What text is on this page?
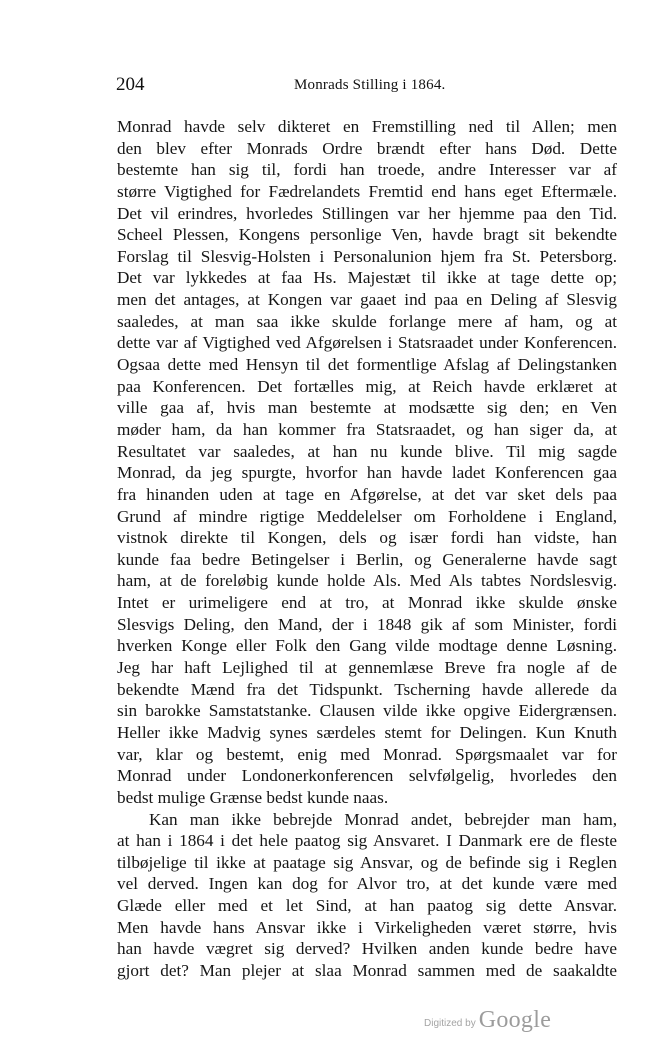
204	Monrads Stilling i 1864.
Monrad havde selv dikteret en Fremstilling ned til Allen; men
den blev efter Monrads Ordre brændt efter hans Død. Dette
bestemte han sig til, fordi han troede, andre Interesser var af
større Vigtighed for Fædrelandets Fremtid end hans eget Eftermæle.
Det vil erindres, hvorledes Stillingen var her hjemme paa den Tid.
Scheel Plessen, Kongens personlige Ven, havde bragt sit bekendte
Forslag til Slesvig-Holsten i Personalunion hjem fra St. Petersborg.
Det var lykkedes at faa Hs. Majestæt til ikke at tage dette op;
men det antages, at Kongen var gaaet ind paa en Deling af Slesvig
saaledes, at man saa ikke skulde forlange mere af ham, og at
dette var af Vigtighed ved Afgørelsen i Statsraadet under Konferencen.
Ogsaa dette med Hensyn til det formentlige Afslag af Delingstanken
paa Konferencen. Det fortælles mig, at Reich havde erklæret at
ville gaa af, hvis man bestemte at modsætte sig den; en Ven
møder ham, da han kommer fra Statsraadet, og han siger da, at
Resultatet var saaledes, at han nu kunde blive. Til mig sagde
Monrad, da jeg spurgte, hvorfor han havde ladet Konferencen gaa
fra hinanden uden at tage en Afgørelse, at det var sket dels paa
Grund af mindre rigtige Meddelelser om Forholdene i England,
vistnok direkte til Kongen, dels og især fordi han vidste, han
kunde faa bedre Betingelser i Berlin, og Generalerne havde sagt
ham, at de foreløbig kunde holde Als. Med Als tabtes Nordslesvig.
Intet er urimeligere end at tro, at Monrad ikke skulde ønske
Slesvigs Deling, den Mand, der i 1848 gik af som Minister, fordi
hverken Konge eller Folk den Gang vilde modtage denne Løsning.
Jeg har haft Lejlighed til at gennemlæse Breve fra nogle af de
bekendte Mænd fra det Tidspunkt. Tscherning havde allerede da
sin barokke Samstatstanke. Clausen vilde ikke opgive Eidergrænsen.
Heller ikke Madvig synes særdeles stemt for Delingen. Kun Knuth
var, klar og bestemt, enig med Monrad. Spørgsmaalet var for
Monrad under Londonerkonferencen selvfølgelig, hvorledes den
bedst mulige Grænse bedst kunde naas.
Kan man ikke bebrejde Monrad andet, bebrejder man ham,
at han i 1864 i det hele paatog sig Ansvaret. I Danmark ere de fleste
tilbøjelige til ikke at paatage sig Ansvar, og de befinde sig i Reglen
vel derved. Ingen kan dog for Alvor tro, at det kunde være med
Glæde eller med et let Sind, at han paatog sig dette Ansvar.
Men havde hans Ansvar ikke i Virkeligheden været større, hvis
han havde vægret sig derved? Hvilken anden kunde bedre have
gjort det? Man plejer at slaa Monrad sammen med de saakaldte
Digitized by Google
